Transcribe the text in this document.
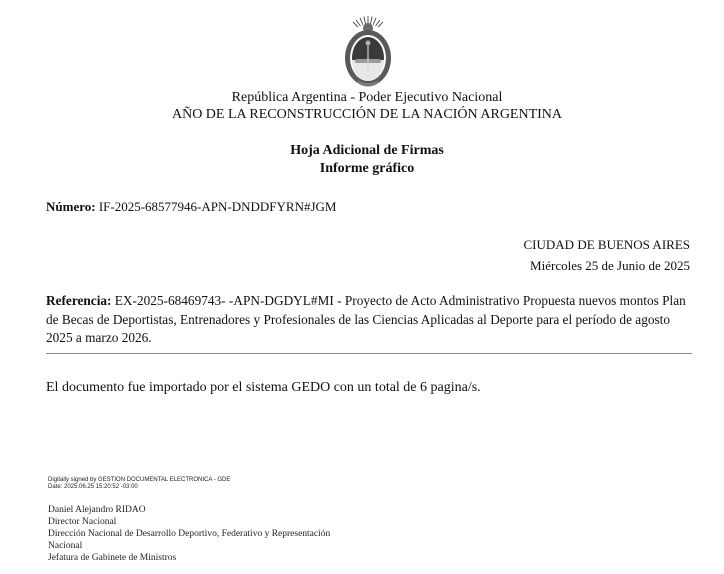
República Argentina - Poder Ejecutivo Nacional
AÑO DE LA RECONSTRUCCIÓN DE LA NACIÓN ARGENTINA
Hoja Adicional de Firmas
Informe gráfico
Número: IF-2025-68577946-APN-DNDDFYRN#JGM
CIUDAD DE BUENOS AIRES
Miércoles 25 de Junio de 2025
Referencia: EX-2025-68469743- -APN-DGDYL#MI - Proyecto de Acto Administrativo Propuesta nuevos montos Plan de Becas de Deportistas, Entrenadores y Profesionales de las Ciencias Aplicadas al Deporte para el período de agosto 2025 a marzo 2026.
El documento fue importado por el sistema GEDO con un total de 6 pagina/s.
Digitally signed by GESTION DOCUMENTAL ELECTRONICA - GDE
Date: 2025.06.25 15:20:52 -03:00
Daniel Alejandro RIDAO
Director Nacional
Dirección Nacional de Desarrollo Deportivo, Federativo y Representación
Nacional
Jefatura de Gabinete de Ministros
